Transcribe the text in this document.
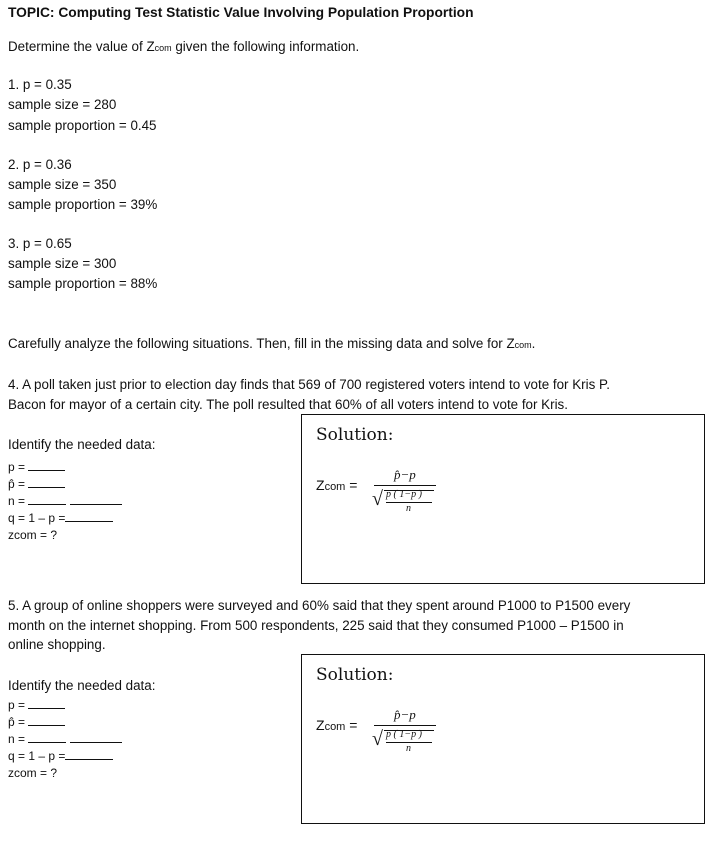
TOPIC: Computing Test Statistic Value Involving Population Proportion
Determine the value of Zcom given the following information.
1. p = 0.35
sample size = 280
sample proportion = 0.45
2. p = 0.36
sample size = 350
sample proportion = 39%
3. p = 0.65
sample size = 300
sample proportion = 88%
Carefully analyze the following situations. Then, fill in the missing data and solve for Zcom.
4. A poll taken just prior to election day finds that 569 of 700 registered voters intend to vote for Kris P.
Bacon for mayor of a certain city. The poll resulted that 60% of all voters intend to vote for Kris.
Identify the needed data:
p =
p̂ =
n =
q = 1 – p =
zcom = ?
Solution:
Zcom =
p̂−p
√ p ( 1−p )
n
5. A group of online shoppers were surveyed and 60% said that they spent around P1000 to P1500 every
month on the internet shopping. From 500 respondents, 225 said that they consumed P1000 – P1500 in
online shopping.
Identify the needed data:
p =
p̂ =
n =
q = 1 – p =
zcom = ?
Solution:
Zcom =
p̂−p
√ p ( 1−p )
n
